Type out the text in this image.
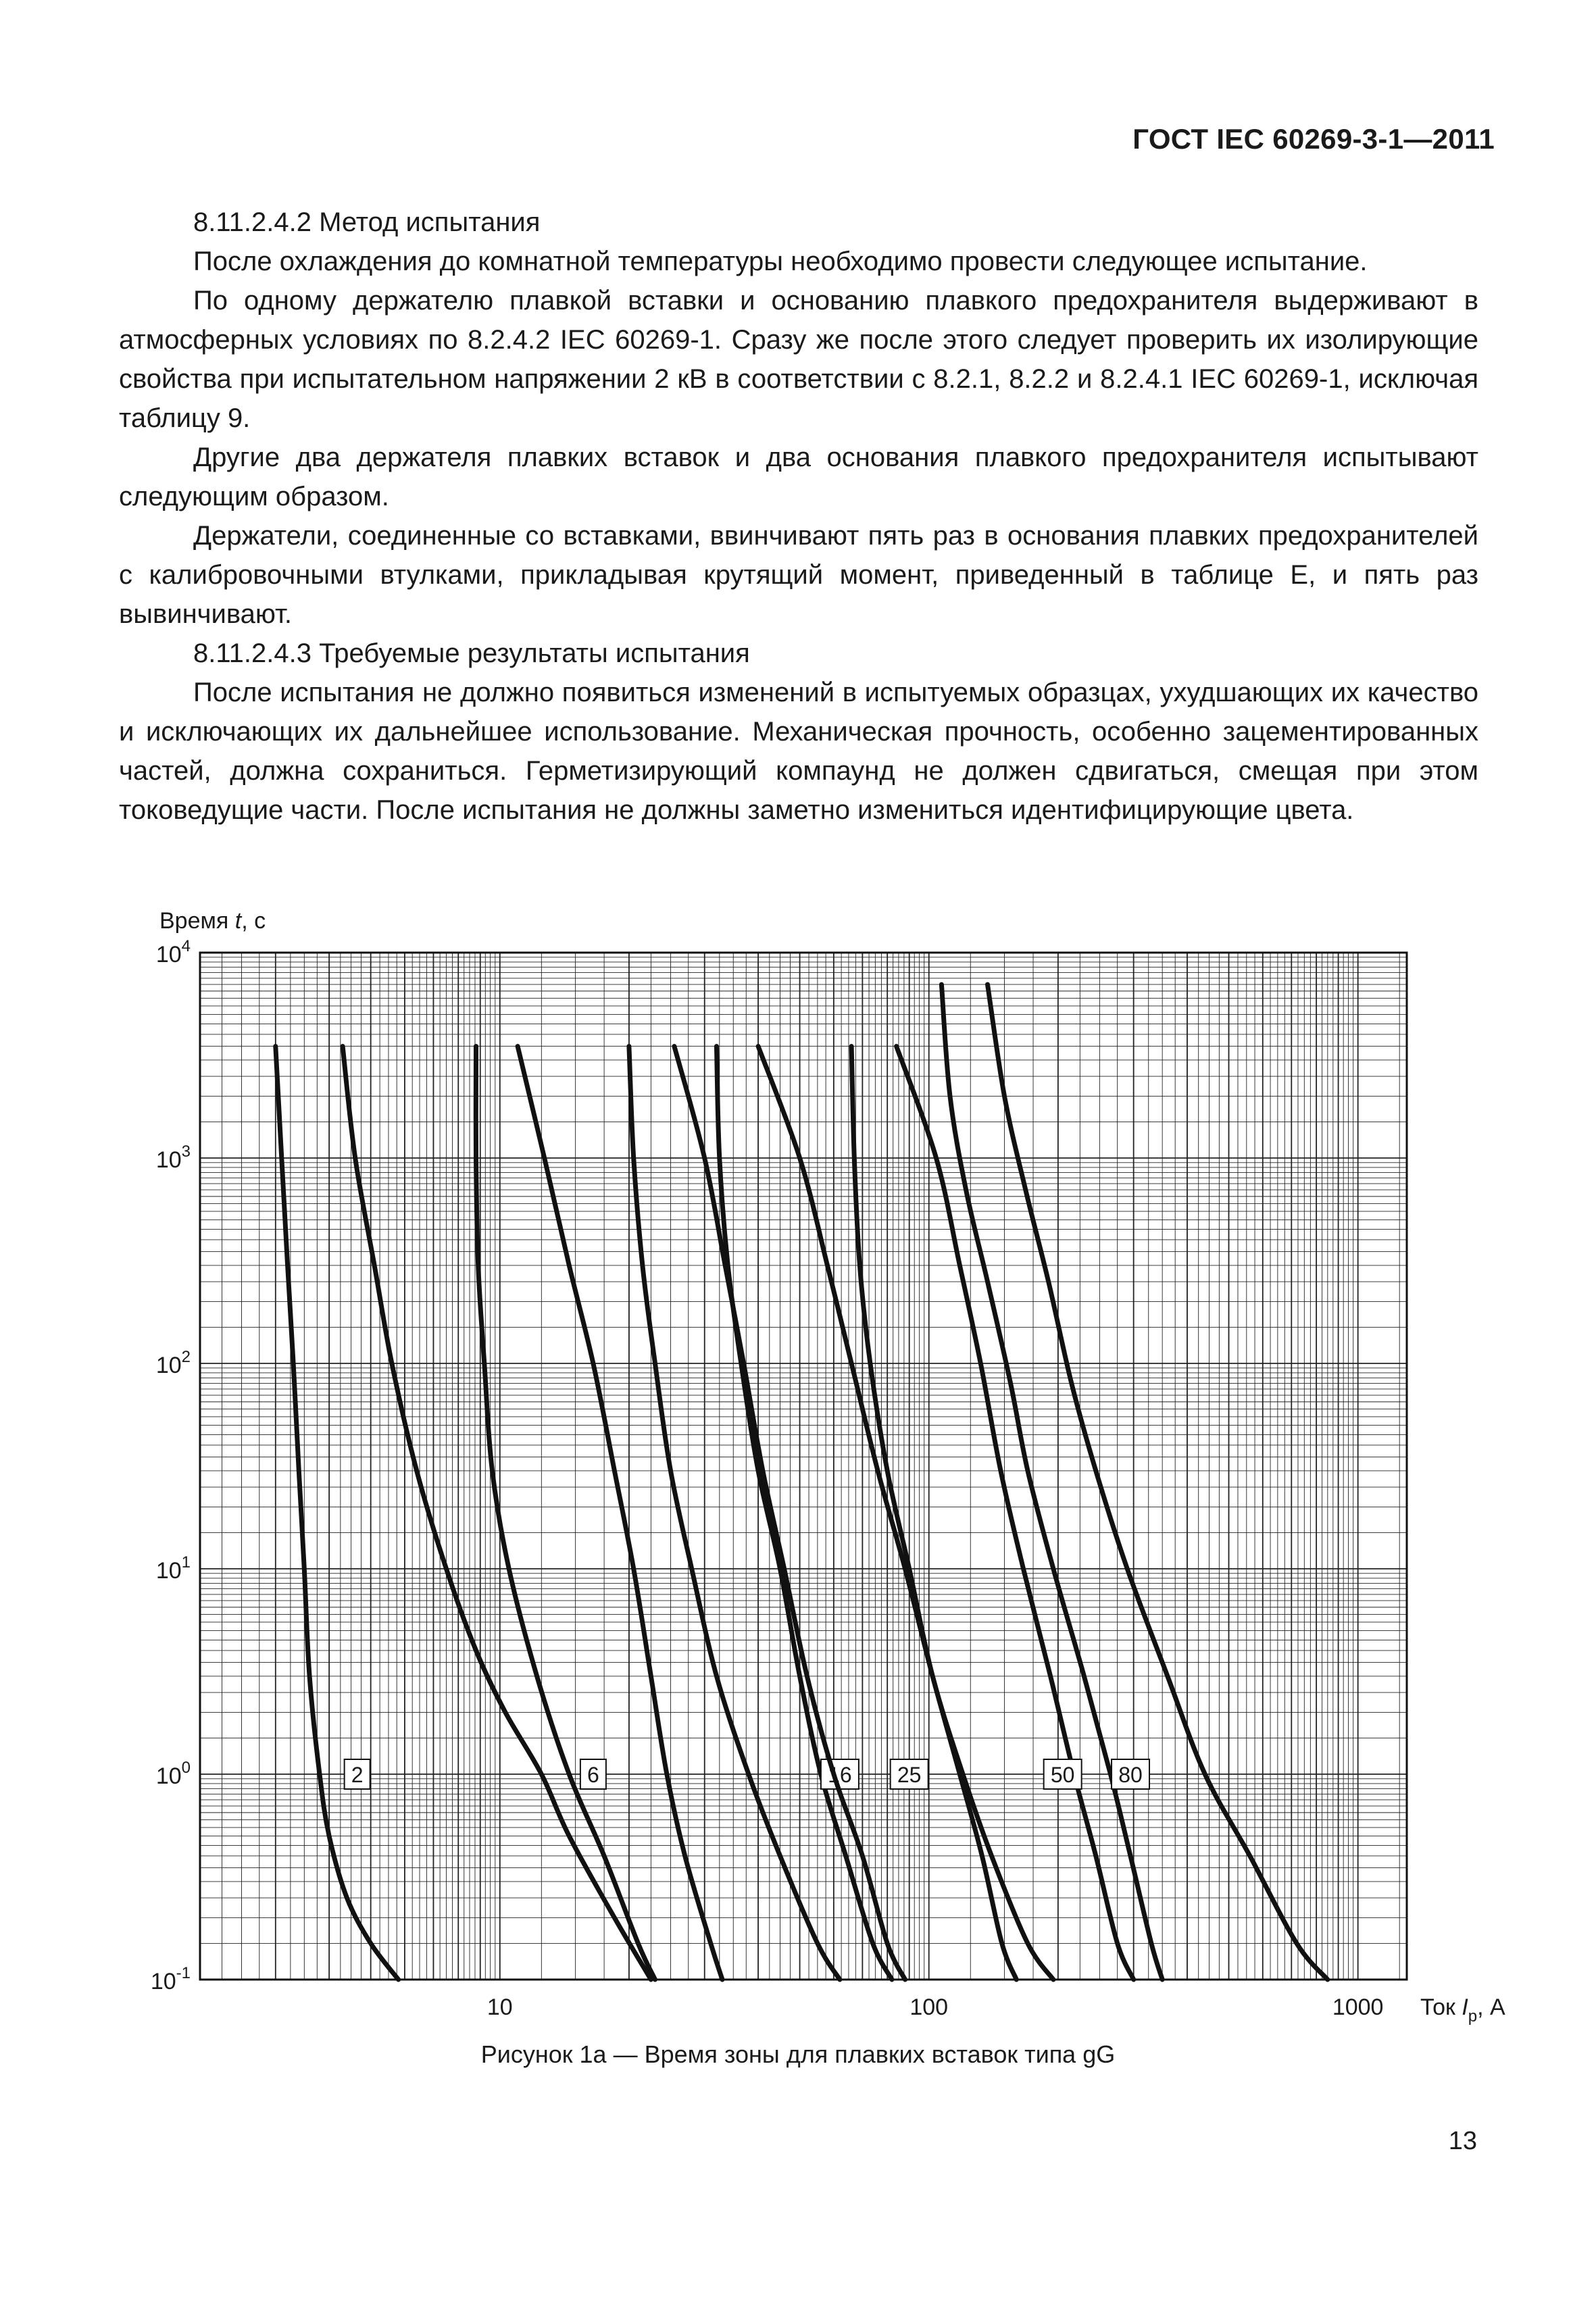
ГОСТ IEC 60269-3-1—2011

8.11.2.4.2 Метод испытания

После охлаждения до комнатной температуры необходимо провести следующее испытание.

По одному держателю плавкой вставки и основанию плавкого предохранителя выдерживают в атмосферных условиях по 8.2.4.2 IEC 60269-1. Сразу же после этого следует проверить их изолирующие свойства при испытательном напряжении 2 кВ в соответствии с 8.2.1, 8.2.2 и 8.2.4.1 IEC 60269-1, исключая таблицу 9.

Другие два держателя плавких вставок и два основания плавкого предохранителя испытывают следующим образом.

Держатели, соединенные со вставками, ввинчивают пять раз в основания плавких предохранителей с калибровочными втулками, прикладывая крутящий момент, приведенный в таблице Е, и пять раз вывинчивают.

8.11.2.4.3 Требуемые результаты испытания

После испытания не должно появиться изменений в испытуемых образцах, ухудшающих их качество и исключающих их дальнейшее использование. Механическая прочность, особенно зацементированных частей, должна сохраниться. Герметизирующий компаунд не должен сдвигаться, смещая при этом токоведущие части. После испытания не должны заметно измениться идентифицирующие цвета.

$10^{-1}$
$10^0$
$10^1$
$10^2$
$10^3$
$10^4$
10	100	1000
Время t, с
Ток $I_p$, А
2	6	16 25	50 80
Рисунок 1а — Время зоны для плавких вставок типа gG
13
